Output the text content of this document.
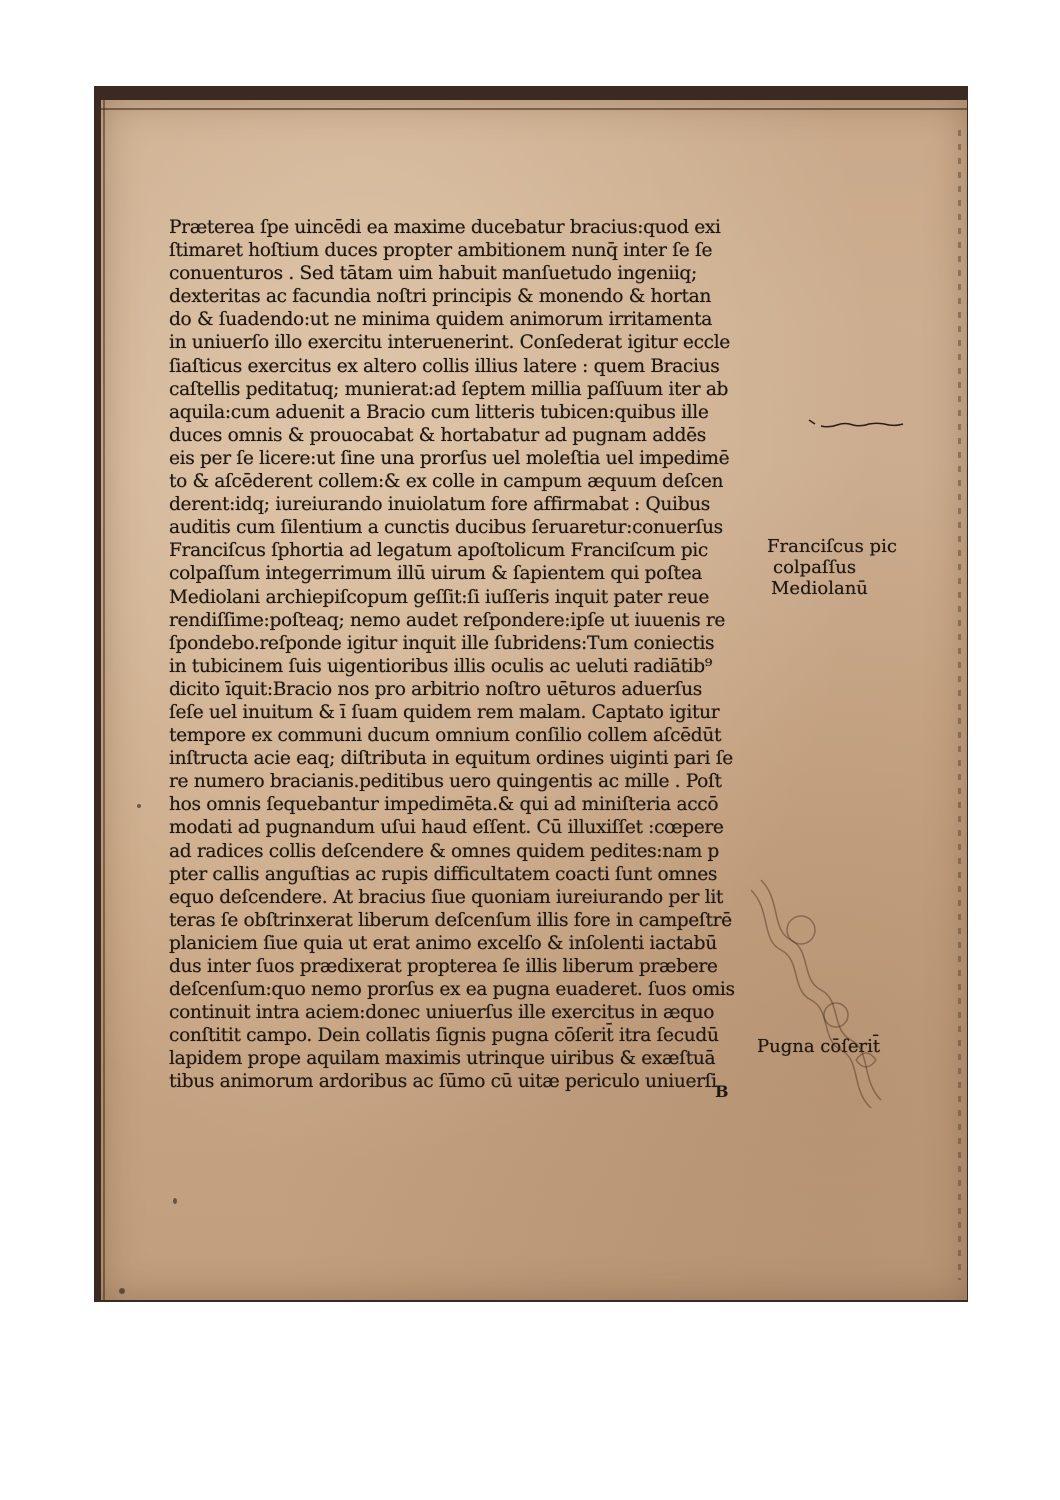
Præterea ſpe uincēdi ea maxime ducebatur bracius:quod exi
ſtimaret hoſtium duces propter ambitionem nunq̄ inter ſe ſe
conuenturos . Sed tātam uim habuit manſuetudo ingeniiq;
dexteritas ac facundia noſtri principis & monendo & hortan
do & ſuadendo:ut ne minima quidem animorum irritamenta
in uniuerſo illo exercitu interuenerint. Conſederat igitur eccle
ſiaſticus exercitus ex altero collis illius latere : quem Bracius
caſtellis peditatuq; munierat:ad ſeptem millia paſſuum iter ab
aquila:cum aduenit a Bracio cum litteris tubicen:quibus ille
duces omnis & prouocabat & hortabatur ad pugnam addēs
eis per ſe licere:ut ſine una prorſus uel moleſtia uel impedimē
to & aſcēderent collem:& ex colle in campum æquum deſcen
derent:idq; iureiurando inuiolatum fore affirmabat : Quibus
auditis cum ſilentium a cunctis ducibus ſeruaretur:conuerſus
Franciſcus ſphortia ad legatum apoſtolicum Franciſcum pic
colpaſſum integerrimum illū uirum & ſapientem qui poſtea
Mediolani archiepiſcopum geſſit:ſi iuſſeris inquit pater reue
rendiſſime:poſteaq; nemo audet reſpondere:ipſe ut iuuenis re
ſpondebo.reſponde igitur inquit ille ſubridens:Tum coniectis
in tubicinem ſuis uigentioribus illis oculis ac ueluti radiātib⁹
dicito īquit:Bracio nos pro arbitrio noſtro uēturos aduerſus
ſeſe uel inuitum & ī ſuam quidem rem malam. Captato igitur
tempore ex communi ducum omnium conſilio collem aſcēdūt
inſtructa acie eaq; diſtributa in equitum ordines uiginti pari ſe
re numero bracianis.peditibus uero quingentis ac mille . Poſt
hos omnis ſequebantur impedimēta.& qui ad miniſteria accō
modati ad pugnandum uſui haud eſſent. Cū illuxiſſet :cœpere
ad radices collis deſcendere & omnes quidem pedites:nam p
pter callis anguſtias ac rupis difficultatem coacti ſunt omnes
equo deſcendere. At bracius ſiue quoniam iureiurando per lit
teras ſe obſtrinxerat liberum deſcenſum illis fore in campeſtrē
planiciem ſiue quia ut erat animo excelſo & inſolenti iactabū
dus inter ſuos prædixerat propterea ſe illis liberum præbere
deſcenſum:quo nemo prorſus ex ea pugna euaderet. ſuos omis
continuit intra aciem:donec uniuerſus ille exercitus in æquo
conſtitit campo. Dein collatis ſignis pugna cōſerit̄ itra ſecudū
lapidem prope aquilam maximis utrinque uiribus & exæſtuā
tibus animorum ardoribus ac ſūmo cū uitæ periculo uniuerſi
B
Franciſcus pic
colpaſſus
Mediolanū
Pugna cōſerit̄
